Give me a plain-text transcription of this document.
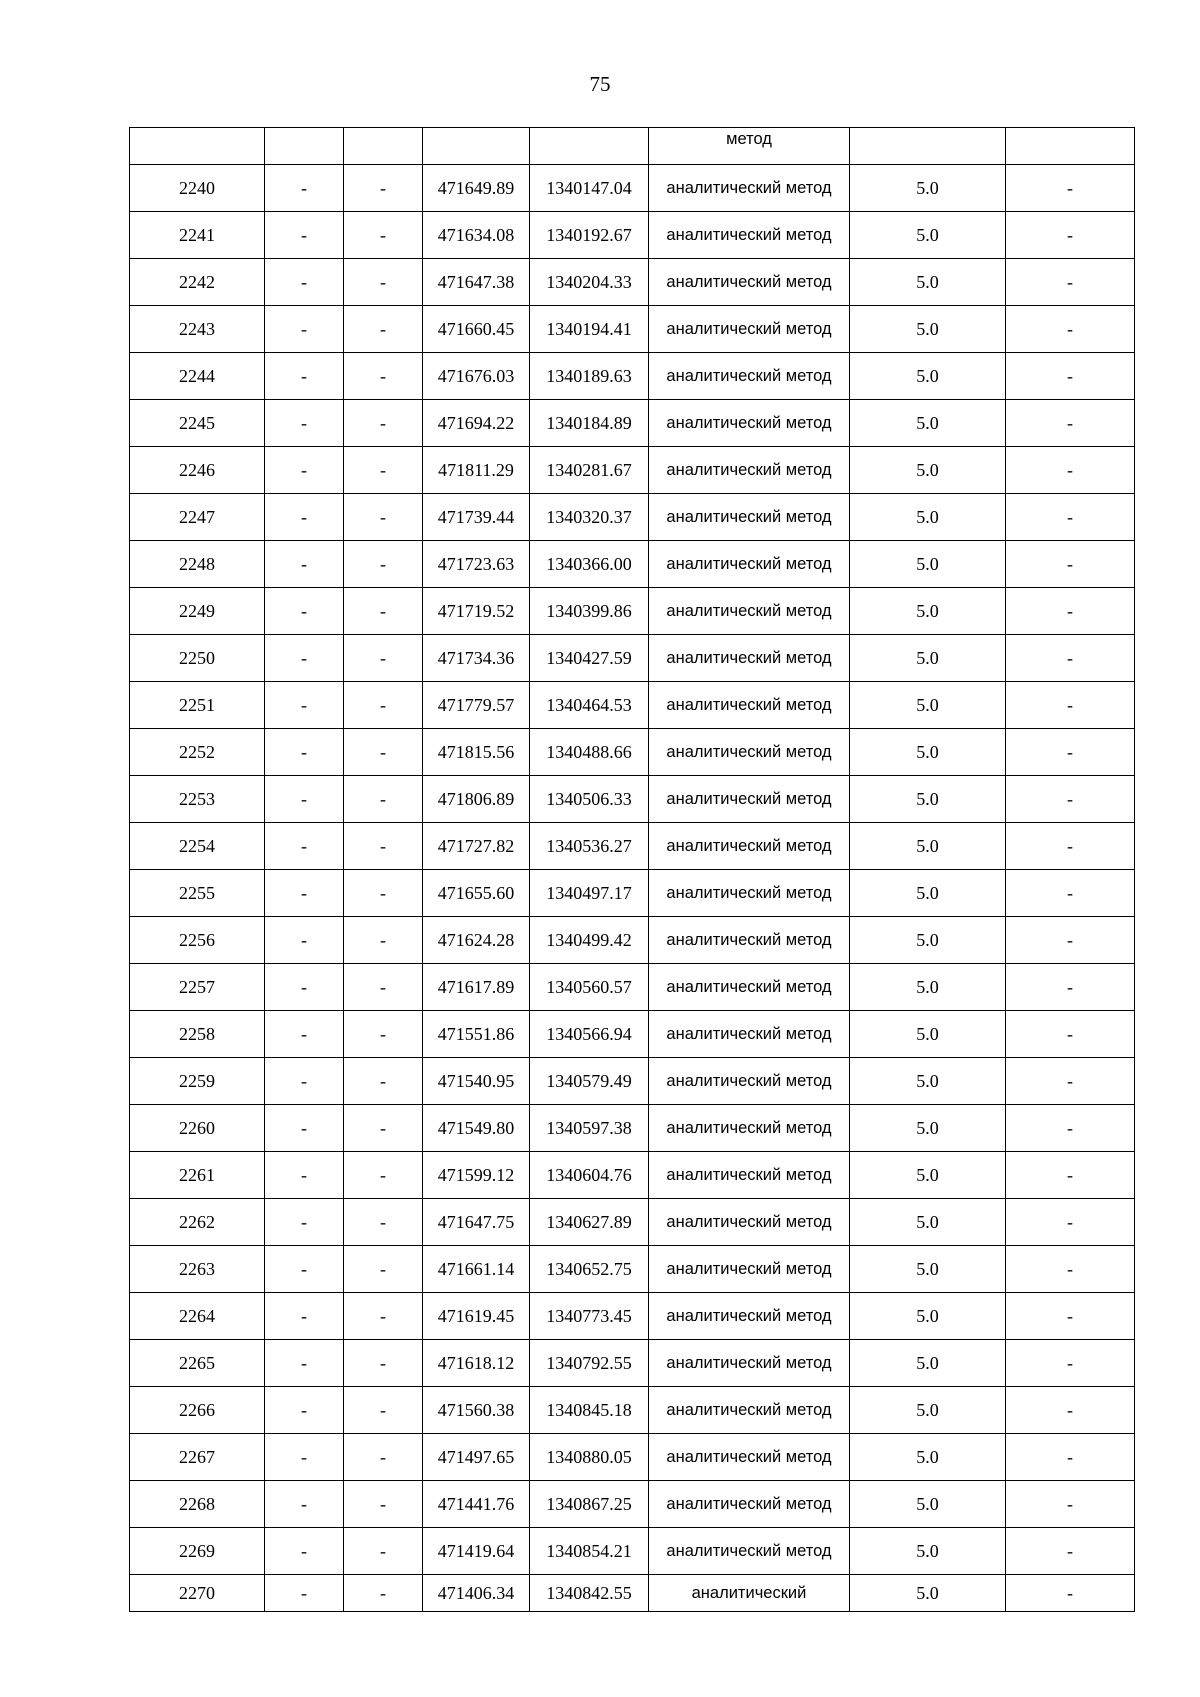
75
					метод		
2240	-	-	471649.89	1340147.04	аналитический метод	5.0	-
2241	-	-	471634.08	1340192.67	аналитический метод	5.0	-
2242	-	-	471647.38	1340204.33	аналитический метод	5.0	-
2243	-	-	471660.45	1340194.41	аналитический метод	5.0	-
2244	-	-	471676.03	1340189.63	аналитический метод	5.0	-
2245	-	-	471694.22	1340184.89	аналитический метод	5.0	-
2246	-	-	471811.29	1340281.67	аналитический метод	5.0	-
2247	-	-	471739.44	1340320.37	аналитический метод	5.0	-
2248	-	-	471723.63	1340366.00	аналитический метод	5.0	-
2249	-	-	471719.52	1340399.86	аналитический метод	5.0	-
2250	-	-	471734.36	1340427.59	аналитический метод	5.0	-
2251	-	-	471779.57	1340464.53	аналитический метод	5.0	-
2252	-	-	471815.56	1340488.66	аналитический метод	5.0	-
2253	-	-	471806.89	1340506.33	аналитический метод	5.0	-
2254	-	-	471727.82	1340536.27	аналитический метод	5.0	-
2255	-	-	471655.60	1340497.17	аналитический метод	5.0	-
2256	-	-	471624.28	1340499.42	аналитический метод	5.0	-
2257	-	-	471617.89	1340560.57	аналитический метод	5.0	-
2258	-	-	471551.86	1340566.94	аналитический метод	5.0	-
2259	-	-	471540.95	1340579.49	аналитический метод	5.0	-
2260	-	-	471549.80	1340597.38	аналитический метод	5.0	-
2261	-	-	471599.12	1340604.76	аналитический метод	5.0	-
2262	-	-	471647.75	1340627.89	аналитический метод	5.0	-
2263	-	-	471661.14	1340652.75	аналитический метод	5.0	-
2264	-	-	471619.45	1340773.45	аналитический метод	5.0	-
2265	-	-	471618.12	1340792.55	аналитический метод	5.0	-
2266	-	-	471560.38	1340845.18	аналитический метод	5.0	-
2267	-	-	471497.65	1340880.05	аналитический метод	5.0	-
2268	-	-	471441.76	1340867.25	аналитический метод	5.0	-
2269	-	-	471419.64	1340854.21	аналитический метод	5.0	-
2270	-	-	471406.34	1340842.55	аналитический	5.0	-
